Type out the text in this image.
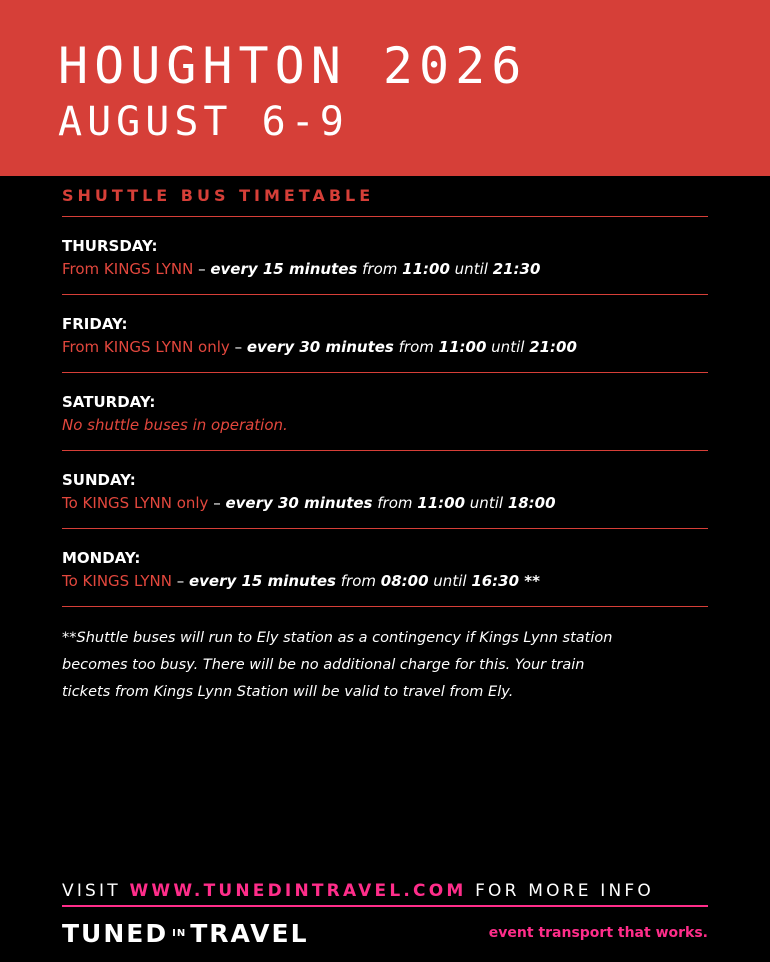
HOUGHTON 2026
AUGUST 6-9
SHUTTLE BUS TIMETABLE
THURSDAY:
From KINGS LYNN – every 15 minutes from 11:00 until 21:30
FRIDAY:
From KINGS LYNN only – every 30 minutes from 11:00 until 21:00
SATURDAY:
No shuttle buses in operation.
SUNDAY:
To KINGS LYNN only – every 30 minutes from 11:00 until 18:00
MONDAY:
To KINGS LYNN – every 15 minutes from 08:00 until 16:30 **
**Shuttle buses will run to Ely station as a contingency if Kings Lynn station
becomes too busy. There will be no additional charge for this. Your train
tickets from Kings Lynn Station will be valid to travel from Ely.
VISIT WWW.TUNEDINTRAVEL.COM FOR MORE INFO
TUNED $^{IN}$ TRAVEL	event transport that works.
